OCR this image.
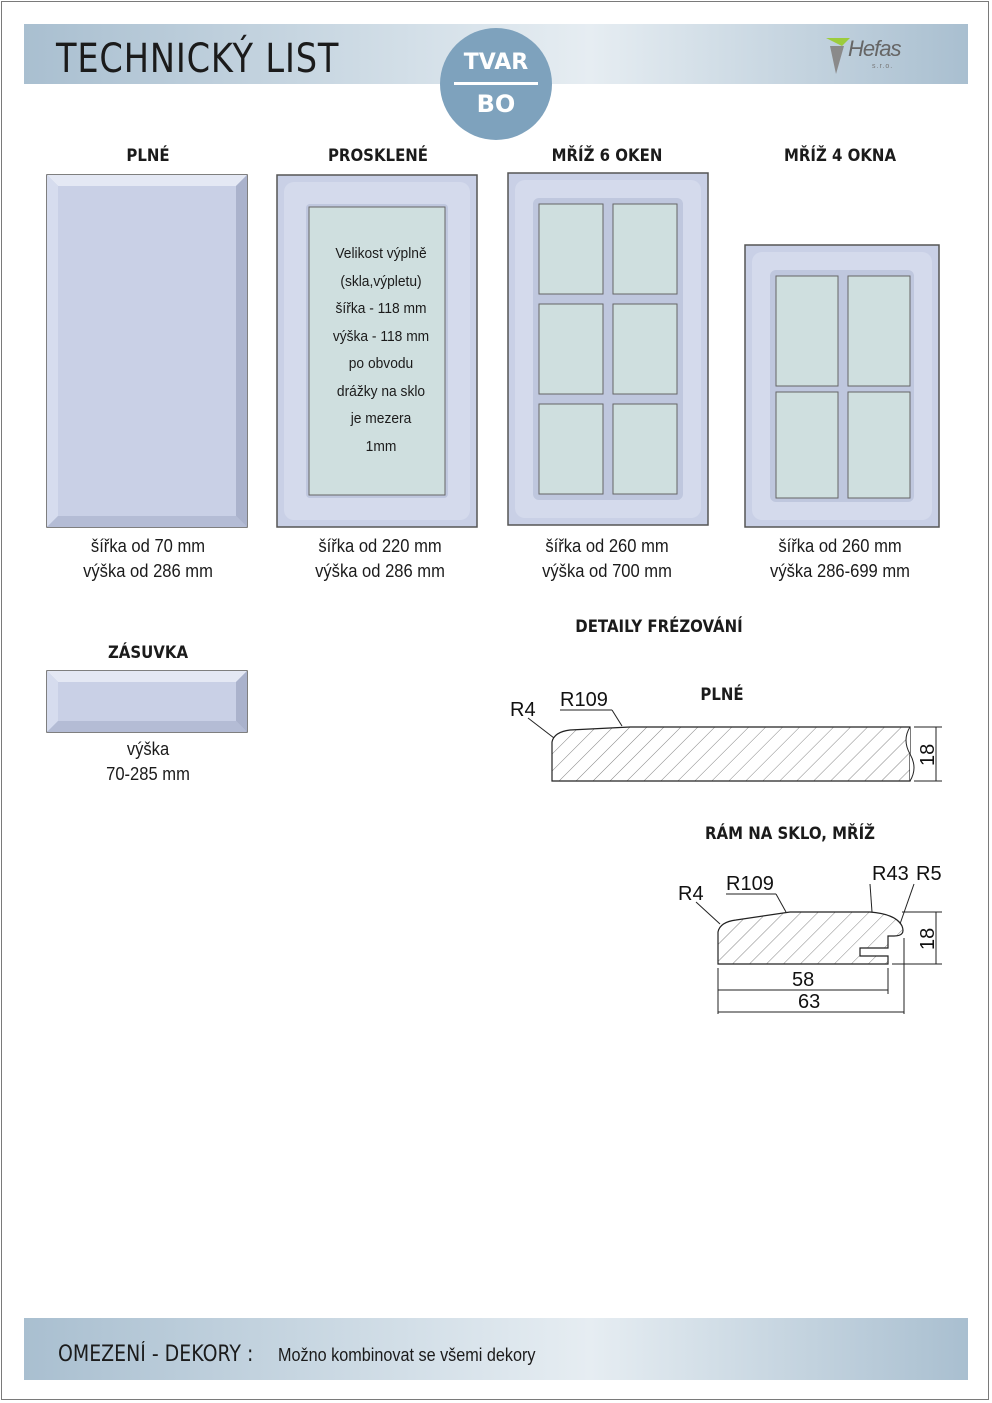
TECHNICKÝ LIST	TVAR
BO
Hefas
s.r.o.
PLNÉ	PROSKLENÉ	MŘÍŽ 6 OKEN	MŘÍŽ 4 OKNA
Velikost výplně
(skla,výpletu)
šířka - 118 mm
výška - 118 mm
po obvodu
drážky na sklo
je mezera
1mm
šířka od 70 mm
výška od 286 mm
šířka od 220 mm
výška od 286 mm
šířka od 260 mm
výška od 700 mm
šířka od 260 mm
výška 286-699 mm
ZÁSUVKA
výška
70-285 mm
DETAILY FRÉZOVÁNÍ
PLNÉ
RÁM NA SKLO, MŘÍŽ
R4 R109
18
R4 R109	R43 R5
18
58
63
OMEZENÍ - DEKORY : Možno kombinovat se všemi dekory
